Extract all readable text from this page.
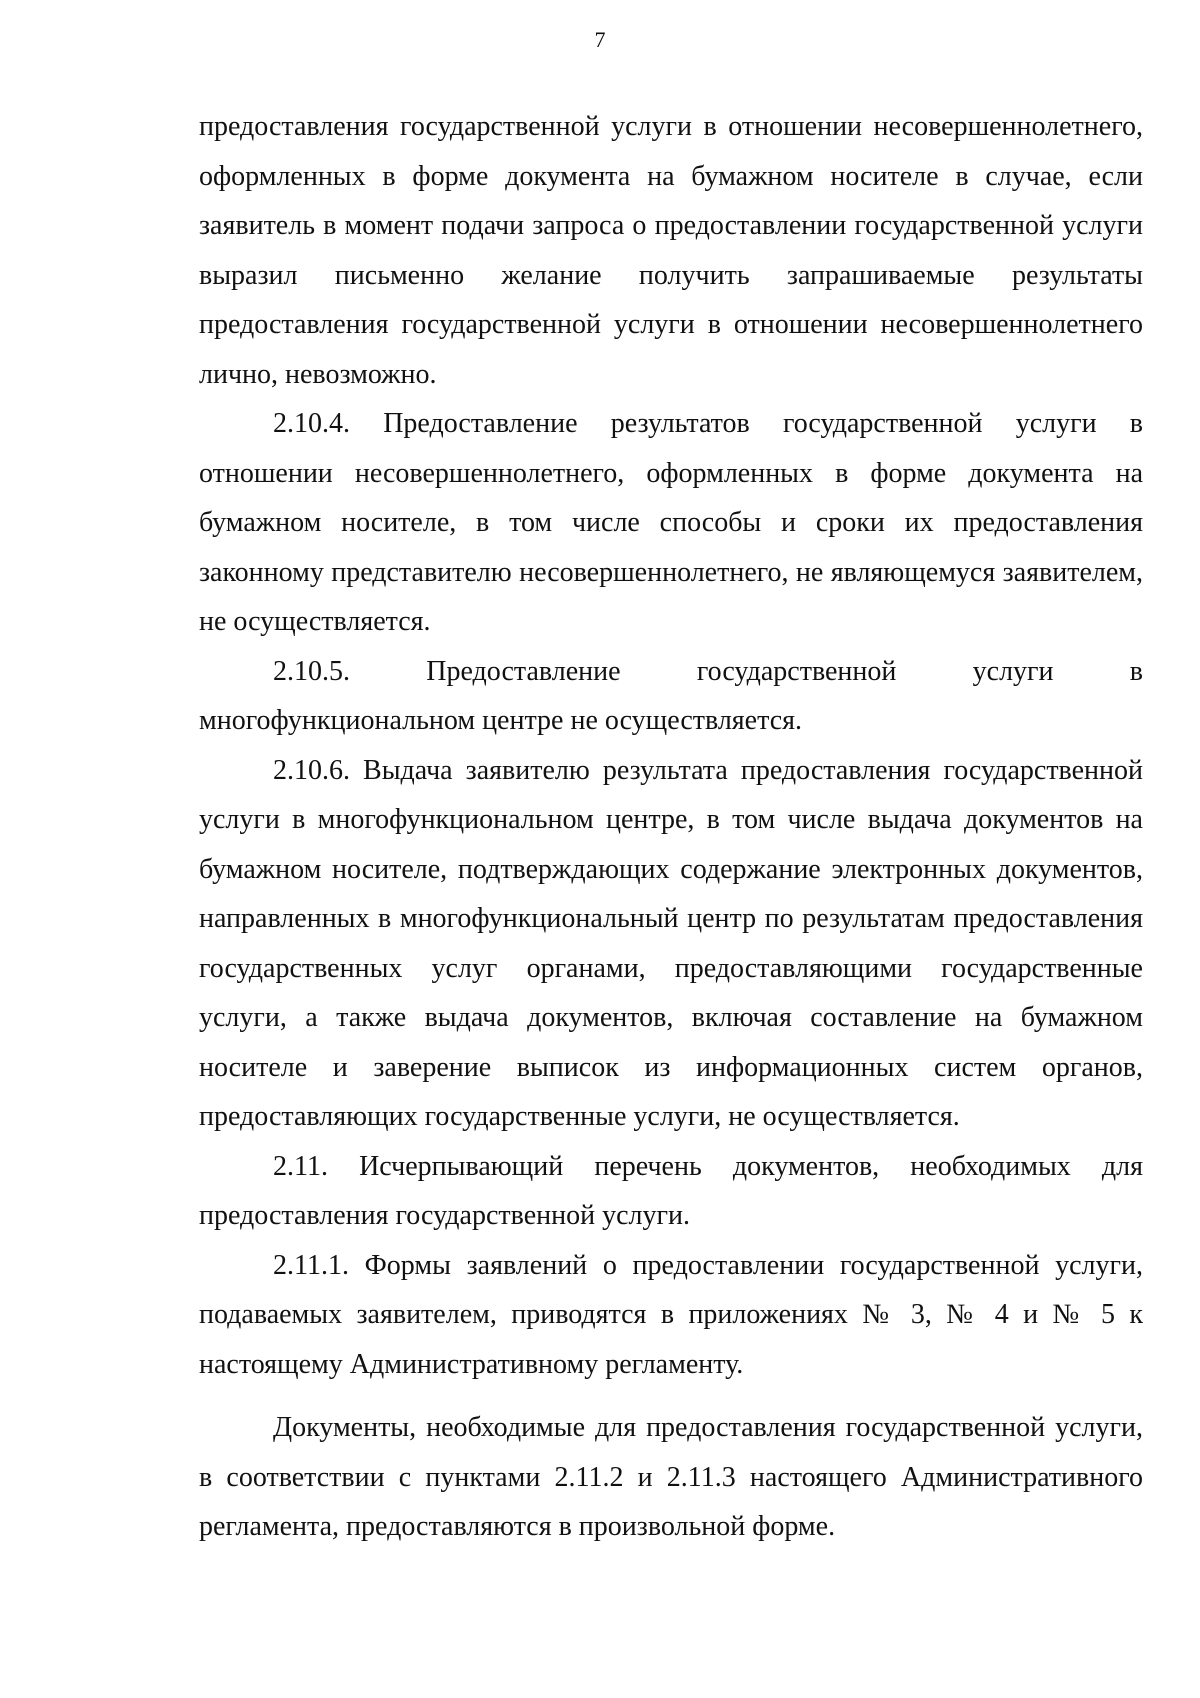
7

предоставления государственной услуги в отношении несовершеннолетнего, оформленных в форме документа на бумажном носителе в случае, если заявитель в момент подачи запроса о предоставлении государственной услуги выразил письменно желание получить запрашиваемые результаты предоставления государственной услуги в отношении несовершеннолетнего лично, невозможно.

2.10.4. Предоставление результатов государственной услуги в отношении несовершеннолетнего, оформленных в форме документа на бумажном носителе, в том числе способы и сроки их предоставления законному представителю несовершеннолетнего, не являющемуся заявителем, не осуществляется.

2.10.5. Предоставление государственной услуги в многофункциональном центре не осуществляется.

2.10.6. Выдача заявителю результата предоставления государственной услуги в многофункциональном центре, в том числе выдача документов на бумажном носителе, подтверждающих содержание электронных документов, направленных в многофункциональный центр по результатам предоставления государственных услуг органами, предоставляющими государственные услуги, а также выдача документов, включая составление на бумажном носителе и заверение выписок из информационных систем органов, предоставляющих государственные услуги, не осуществляется.

2.11. Исчерпывающий перечень документов, необходимых для предоставления государственной услуги.

2.11.1. Формы заявлений о предоставлении государственной услуги, подаваемых заявителем, приводятся в приложениях № 3, № 4 и № 5 к настоящему Административному регламенту.

Документы, необходимые для предоставления государственной услуги, в соответствии с пунктами 2.11.2 и 2.11.3 настоящего Административного регламента, предоставляются в произвольной форме.
